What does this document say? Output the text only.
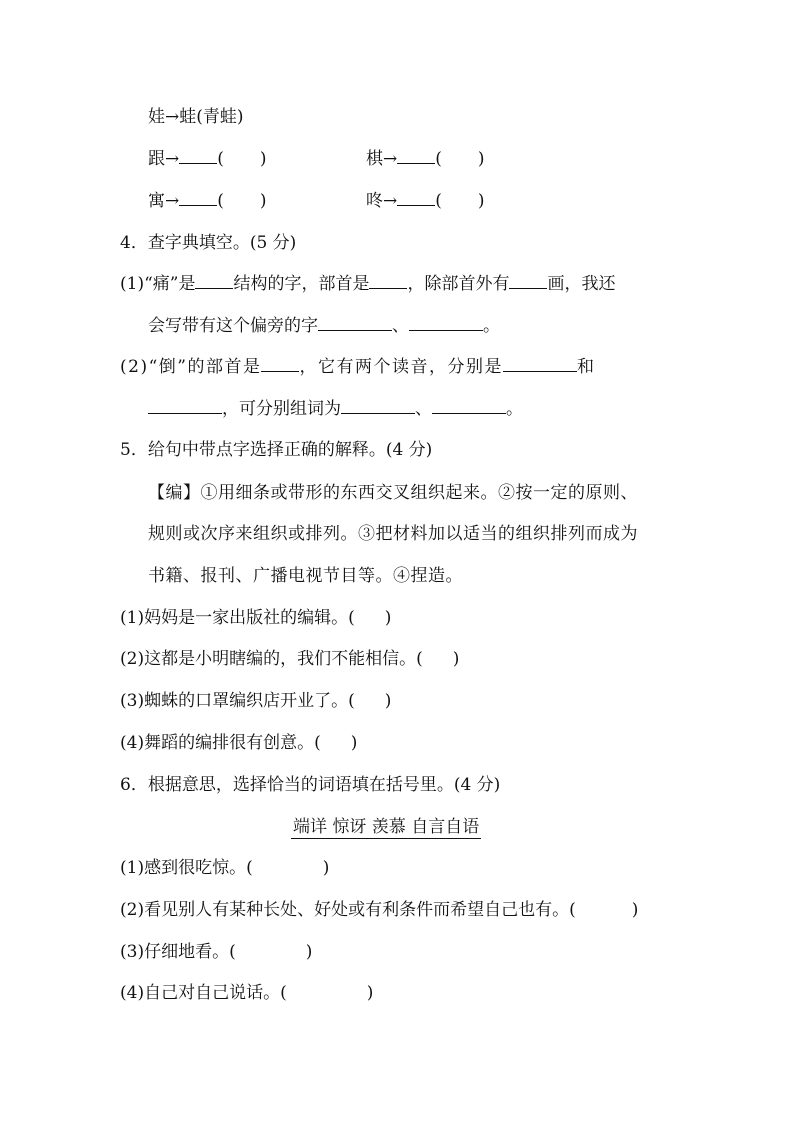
娃→蛙(青蛙)
跟→ ( )	棋→ ( )
寓→ ( )	咚→ ( )
4．查字典填空。(5 分)
(1)“痛”是 结构的字，部首是 ，除部首外有 画，我还
会写带有这个偏旁的字	、	。
(2)“倒”的部首是 ，它有两个读音，分别是	和
，可分别组词为	、	。
5．给句中带点字选择正确的解释。(4 分)
【编】①用细条或带形的东西交叉组织起来。②按一定的原则、
规则或次序来组织或排列。③把材料加以适当的组织排列而成为
书籍、报刊、广播电视节目等。④捏造。
(1)妈妈是一家出版社的编辑。( )
(2)这都是小明瞎编的，我们不能相信。( )
(3)蜘蛛的口罩编织店开业了。( )
(4)舞蹈的编排很有创意。( )
6．根据意思，选择恰当的词语填在括号里。(4 分)
端详 惊讶 羡慕 自言自语
(1)感到很吃惊。(	)
(2)看见别人有某种长处、好处或有利条件而希望自己也有。(	)
(3)仔细地看。(	)
(4)自己对自己说话。(	)
